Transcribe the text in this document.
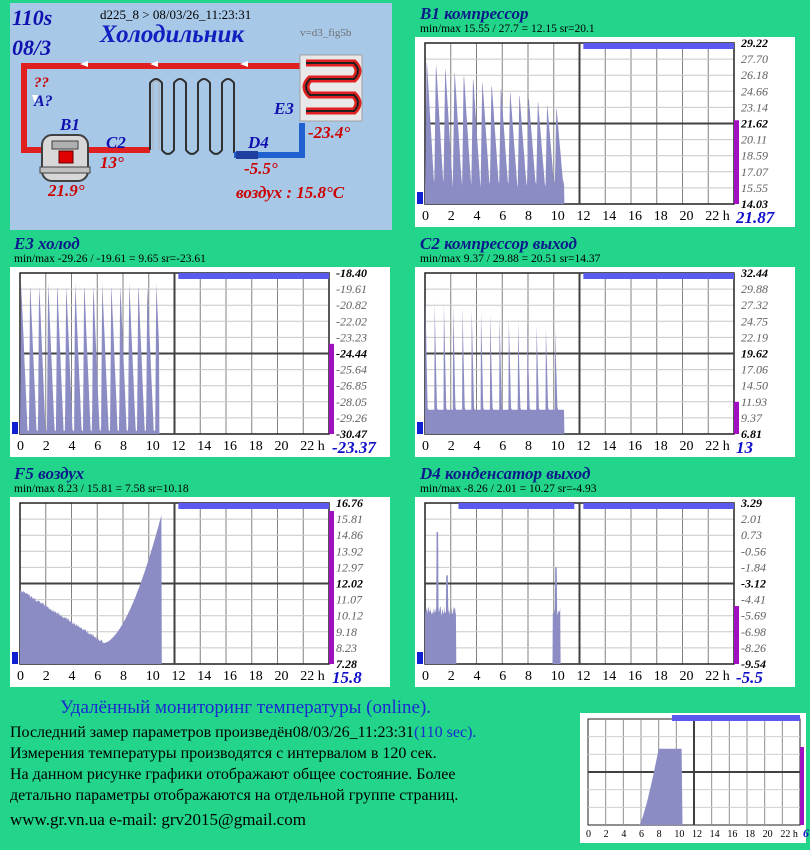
110s
08/3
d225_8 > 08/03/26_11:23:31
v=d3_fig5b
Холодильник
??
A?
B1
C2	D4
E3
21.9°
13°	-5.5°
-23.4°
воздух : 15.8°C
B1 компрессор
min/max 15.55 / 27.7 = 12.15 sr=20.1
E3 холод
min/max -29.26 / -19.61 = 9.65 sr=-23.61
C2 компрессор выход
min/max 9.37 / 29.88 = 20.51 sr=14.37
F5 воздух
min/max 8.23 / 15.81 = 7.58 sr=10.18
D4 конденсатор выход
min/max -8.26 / 2.01 = 10.27 sr=-4.93
29.22
27.70
26.18
24.66
23.14
21.62
20.11
18.59
17.07
15.55
14.03
0 2 4 6 8 10 12 14 16 18 20 22 h
-18.40
-19.61
-20.82
-22.02
-23.23
-24.44
-25.64
-26.85
-28.05
-29.26
-30.47
0 2 4 6 8 10 12 14 16 18 20 22 h
32.44
29.88
27.32
24.75
22.19
19.62
17.06
14.50
11.93
9.37
6.81
0 2 4 6 8 10 12 14 16 18 20 22 h
16.76
15.81
14.86
13.92
12.97
12.02
11.07
10.12
9.18
8.23
7.28
0 2 4 6 8 10 12 14 16 18 20 22 h
3.29
2.01
0.73
-0.56
-1.84
-3.12
-4.41
-5.69
-6.98
-8.26
-9.54
0 2 4 6 8 10 12 14 16 18 20 22 h
21.87
-23.37	13
15.8	-5.5
Удалённый мониторинг температуры (online).
Последний замер параметров произведён08/03/26_11:23:31(110 sec).
Измерения температуры производятся с интервалом в 120 сек.
На данном рисунке графики отображают общее состояние. Более
детально параметры отображаются на отдельной группе страниц.
www.gr.vn.ua e-mail: grv2015@gmail.com
0 2 4 6 8 10 12 14 16 18 20 22 h 6
